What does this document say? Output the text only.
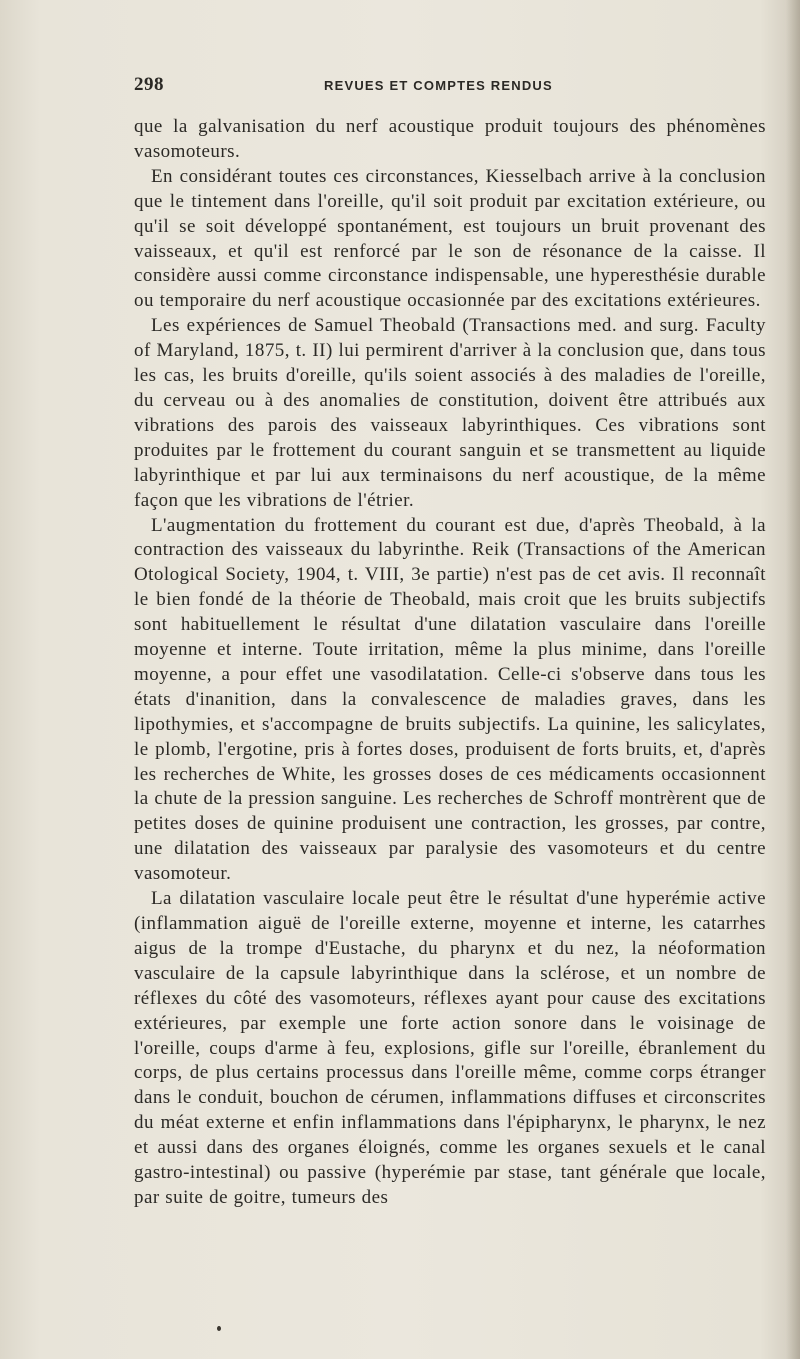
298	REVUES ET COMPTES RENDUS

que la galvanisation du nerf acoustique produit toujours des phénomènes vasomoteurs.

En considérant toutes ces circonstances, Kiesselbach arrive à la conclusion que le tintement dans l'oreille, qu'il soit produit par excitation extérieure, ou qu'il se soit développé spontanément, est toujours un bruit provenant des vaisseaux, et qu'il est renforcé par le son de résonance de la caisse. Il considère aussi comme circonstance indispensable, une hyperesthésie durable ou temporaire du nerf acoustique occasionnée par des excitations extérieures.

Les expériences de Samuel Theobald (Transactions med. and surg. Faculty of Maryland, 1875, t. II) lui permirent d'arriver à la conclusion que, dans tous les cas, les bruits d'oreille, qu'ils soient associés à des maladies de l'oreille, du cerveau ou à des anomalies de constitution, doivent être attribués aux vibrations des parois des vaisseaux labyrinthiques. Ces vibrations sont produites par le frottement du courant sanguin et se transmettent au liquide labyrinthique et par lui aux terminaisons du nerf acoustique, de la même façon que les vibrations de l'étrier.

L'augmentation du frottement du courant est due, d'après Theobald, à la contraction des vaisseaux du labyrinthe. Reik (Transactions of the American Otological Society, 1904, t. VIII, 3e partie) n'est pas de cet avis. Il reconnaît le bien fondé de la théorie de Theobald, mais croit que les bruits subjectifs sont habituellement le résultat d'une dilatation vasculaire dans l'oreille moyenne et interne. Toute irritation, même la plus minime, dans l'oreille moyenne, a pour effet une vasodilatation. Celle-ci s'observe dans tous les états d'inanition, dans la convalescence de maladies graves, dans les lipothymies, et s'accompagne de bruits subjectifs. La quinine, les salicylates, le plomb, l'ergotine, pris à fortes doses, produisent de forts bruits, et, d'après les recherches de White, les grosses doses de ces médicaments occasionnent la chute de la pression sanguine. Les recherches de Schroff montrèrent que de petites doses de quinine produisent une contraction, les grosses, par contre, une dilatation des vaisseaux par paralysie des vasomoteurs et du centre vasomoteur.

La dilatation vasculaire locale peut être le résultat d'une hyperémie active (inflammation aiguë de l'oreille externe, moyenne et interne, les catarrhes aigus de la trompe d'Eustache, du pharynx et du nez, la néoformation vasculaire de la capsule labyrinthique dans la sclérose, et un nombre de réflexes du côté des vasomoteurs, réflexes ayant pour cause des excitations extérieures, par exemple une forte action sonore dans le voisinage de l'oreille, coups d'arme à feu, explosions, gifle sur l'oreille, ébranlement du corps, de plus certains processus dans l'oreille même, comme corps étranger dans le conduit, bouchon de cérumen, inflammations diffuses et circonscrites du méat externe et enfin inflammations dans l'épipharynx, le pharynx, le nez et aussi dans des organes éloignés, comme les organes sexuels et le canal gastro-intestinal) ou passive (hyperémie par stase, tant générale que locale, par suite de goitre, tumeurs des
